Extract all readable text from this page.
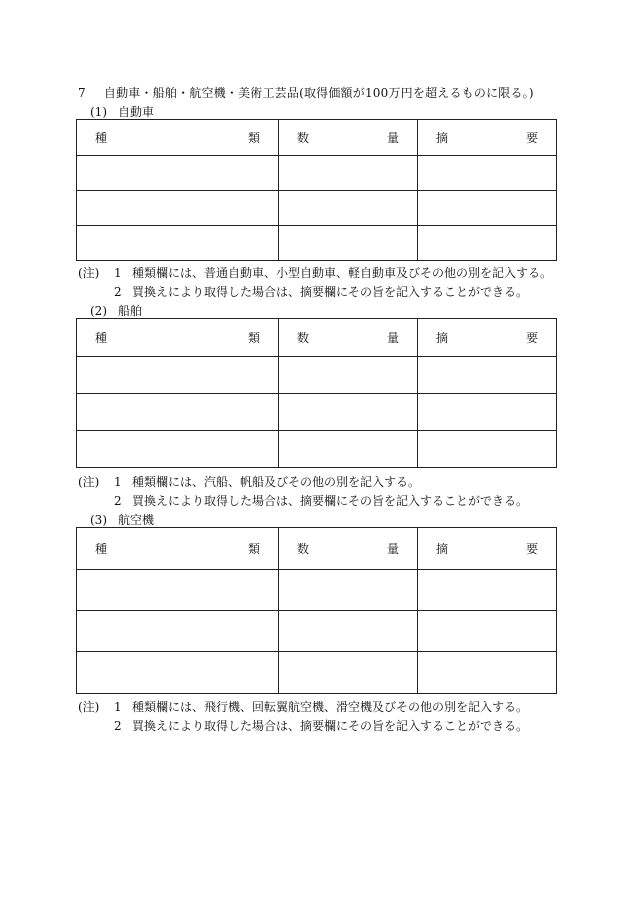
7 自動車・船舶・航空機・美術工芸品(取得価額が100万円を超えるものに限る。)
(1) 自動車
種 類	数 量	摘 要

(注) 1 種類欄には、普通自動車、小型自動車、軽自動車及びその他の別を記入する。
2 買換えにより取得した場合は、摘要欄にその旨を記入することができる。
(2) 船舶
種 類	数 量	摘 要

(注) 1 種類欄には、汽船、帆船及びその他の別を記入する。
2 買換えにより取得した場合は、摘要欄にその旨を記入することができる。
(3) 航空機
種 類	数 量	摘 要

(注) 1 種類欄には、飛行機、回転翼航空機、滑空機及びその他の別を記入する。
2 買換えにより取得した場合は、摘要欄にその旨を記入することができる。
